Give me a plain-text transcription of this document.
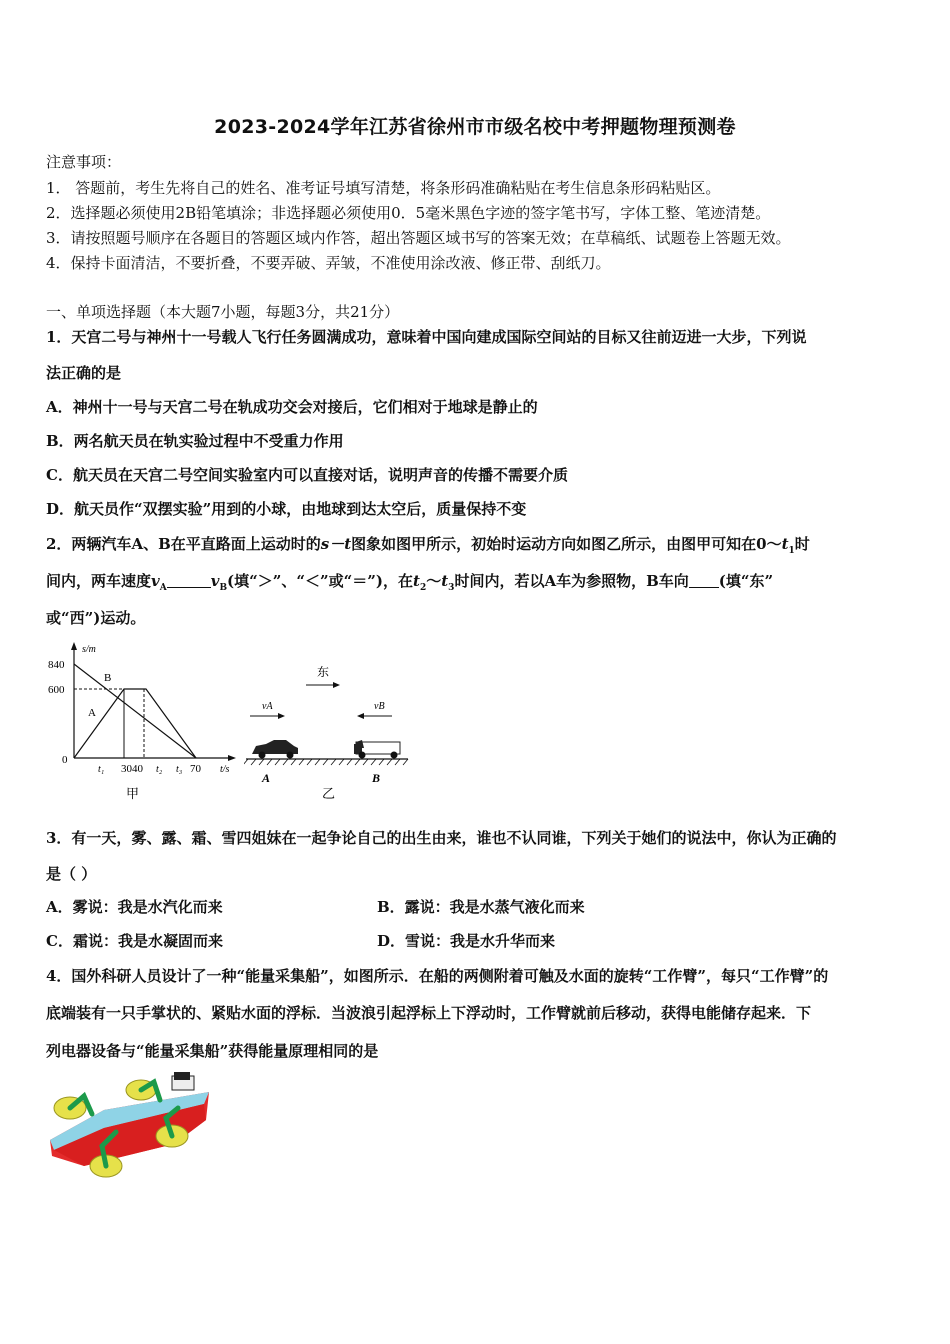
2023-2024学年江苏省徐州市市级名校中考押题物理预测卷
注意事项：
1． 答题前，考生先将自己的姓名、准考证号填写清楚，将条形码准确粘贴在考生信息条形码粘贴区。
2．选择题必须使用2B铅笔填涂；非选择题必须使用0．5毫米黑色字迹的签字笔书写，字体工整、笔迹清楚。
3．请按照题号顺序在各题目的答题区域内作答，超出答题区域书写的答案无效；在草稿纸、试题卷上答题无效。
4．保持卡面清洁，不要折叠，不要弄破、弄皱，不准使用涂改液、修正带、刮纸刀。
一、单项选择题（本大题7小题，每题3分，共21分）
1．天宫二号与神州十一号载人飞行任务圆满成功，意味着中国向建成国际空间站的目标又往前迈进一大步，下列说
法正确的是
A．神州十一号与天宫二号在轨成功交会对接后，它们相对于地球是静止的
B．两名航天员在轨实验过程中不受重力作用
C．航天员在天宫二号空间实验室内可以直接对话，说明声音的传播不需要介质
D．航天员作“双摆实验”用到的小球，由地球到达太空后，质量保持不变
2．两辆汽车A、B在平直路面上运动时的s－t图象如图甲所示，初始时运动方向如图乙所示，由图甲可知在$0\sim t_1$时
间内，两车速度$v_A$	$v_B$(填“＞”、“＜”或“＝”)，在$t_2\sim t_3$时间内，若以A车为参照物，B车向 (填“东”
或“西”)运动。
s/m
t/s
0
840
600
B
A
t₁ 3040 t₂ t₃ 70
甲
东
vA	vB
A	B
乙
3．有一天，雾、露、霜、雪四姐妹在一起争论自己的出生由来，谁也不认同谁，下列关于她们的说法中，你认为正确的
是（ ）
A．雾说：我是水汽化而来	B．露说：我是水蒸气液化而来
C．霜说：我是水凝固而来	D．雪说：我是水升华而来
4．国外科研人员设计了一种“能量采集船”，如图所示．在船的两侧附着可触及水面的旋转“工作臂”，每只“工作臂”的
底端装有一只手掌状的、紧贴水面的浮标．当波浪引起浮标上下浮动时，工作臂就前后移动，获得电能储存起来．下
列电器设备与“能量采集船”获得能量原理相同的是
